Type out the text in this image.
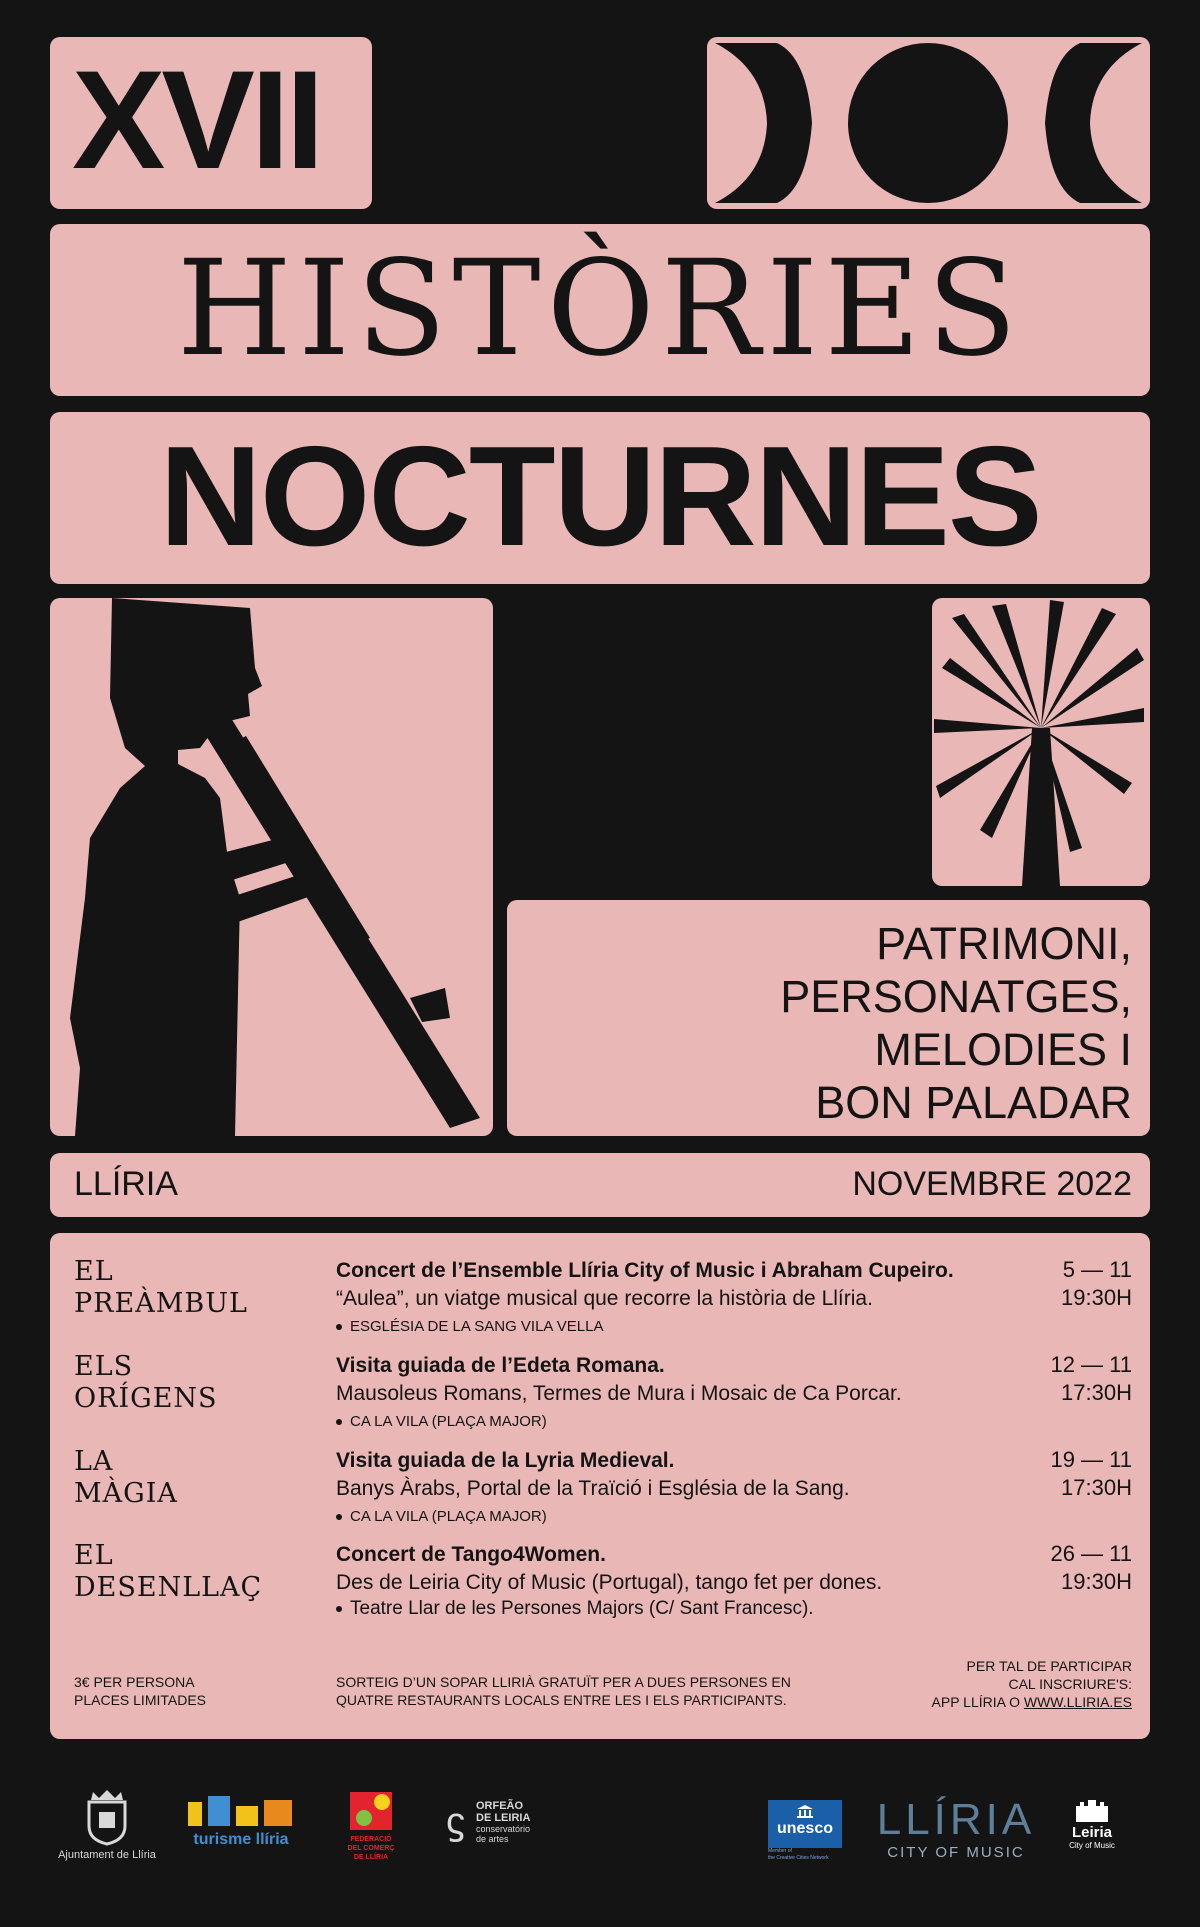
XVII
HISTÒRIES
NOCTURNES
PATRIMONI,
PERSONATGES,
MELODIES I
BON PALADAR
LLÍRIA	NOVEMBRE 2022
EL
PREÀMBUL
Concert de l’Ensemble Llíria City of Music i Abraham Cupeiro.
“Aulea”, un viatge musical que recorre la història de Llíria.
ESGLÉSIA DE LA SANG VILA VELLA
5 — 11
19:30H
ELS
ORÍGENS
Visita guiada de l’Edeta Romana.
Mausoleus Romans, Termes de Mura i Mosaic de Ca Porcar.
CA LA VILA (PLAÇA MAJOR)
12 — 11
17:30H
LA
MÀGIA
Visita guiada de la Lyria Medieval.
Banys Àrabs, Portal de la Traïció i Església de la Sang.
CA LA VILA (PLAÇA MAJOR)
19 — 11
17:30H
EL
DESENLLAÇ
Concert de Tango4Women.
Des de Leiria City of Music (Portugal), tango fet per dones.
Teatre Llar de les Persones Majors (C/ Sant Francesc).
26 — 11
19:30H
3€ PER PERSONA
PLACES LIMITADES
SORTEIG D’UN SOPAR LLIRIÀ GRATUÏT PER A DUES PERSONES EN
QUATRE RESTAURANTS LOCALS ENTRE LES I ELS PARTICIPANTS.
PER TAL DE PARTICIPAR
CAL INSCRIURE'S:
APP LLÍRIA O WWW.LLIRIA.ES
Ajuntament de Llíria
turisme llíria	FEDERACIÓ
DEL COMERÇ
DE LLÍRIA
ϛ ORFEÃO
DE LEIRIA
conservatório
de artes
unesco
Member of
the Creative Cities Network
LLÍRIA
CITY OF MUSIC
Leiria
City of Music
